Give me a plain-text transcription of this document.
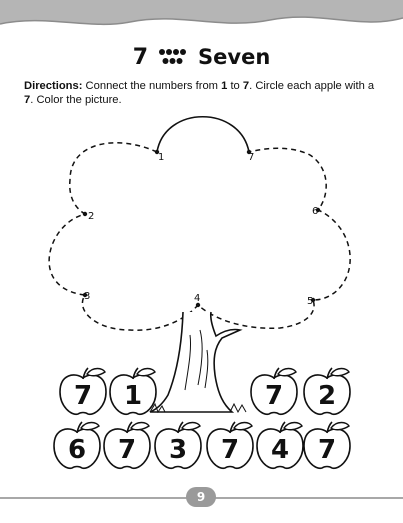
7 Seven
Directions: Connect the numbers from 1 to 7. Circle each apple with a 7. Color the picture.
1
2
3	4	5
6
7
7 1	7 2
6 7 3 7 4 7
9
